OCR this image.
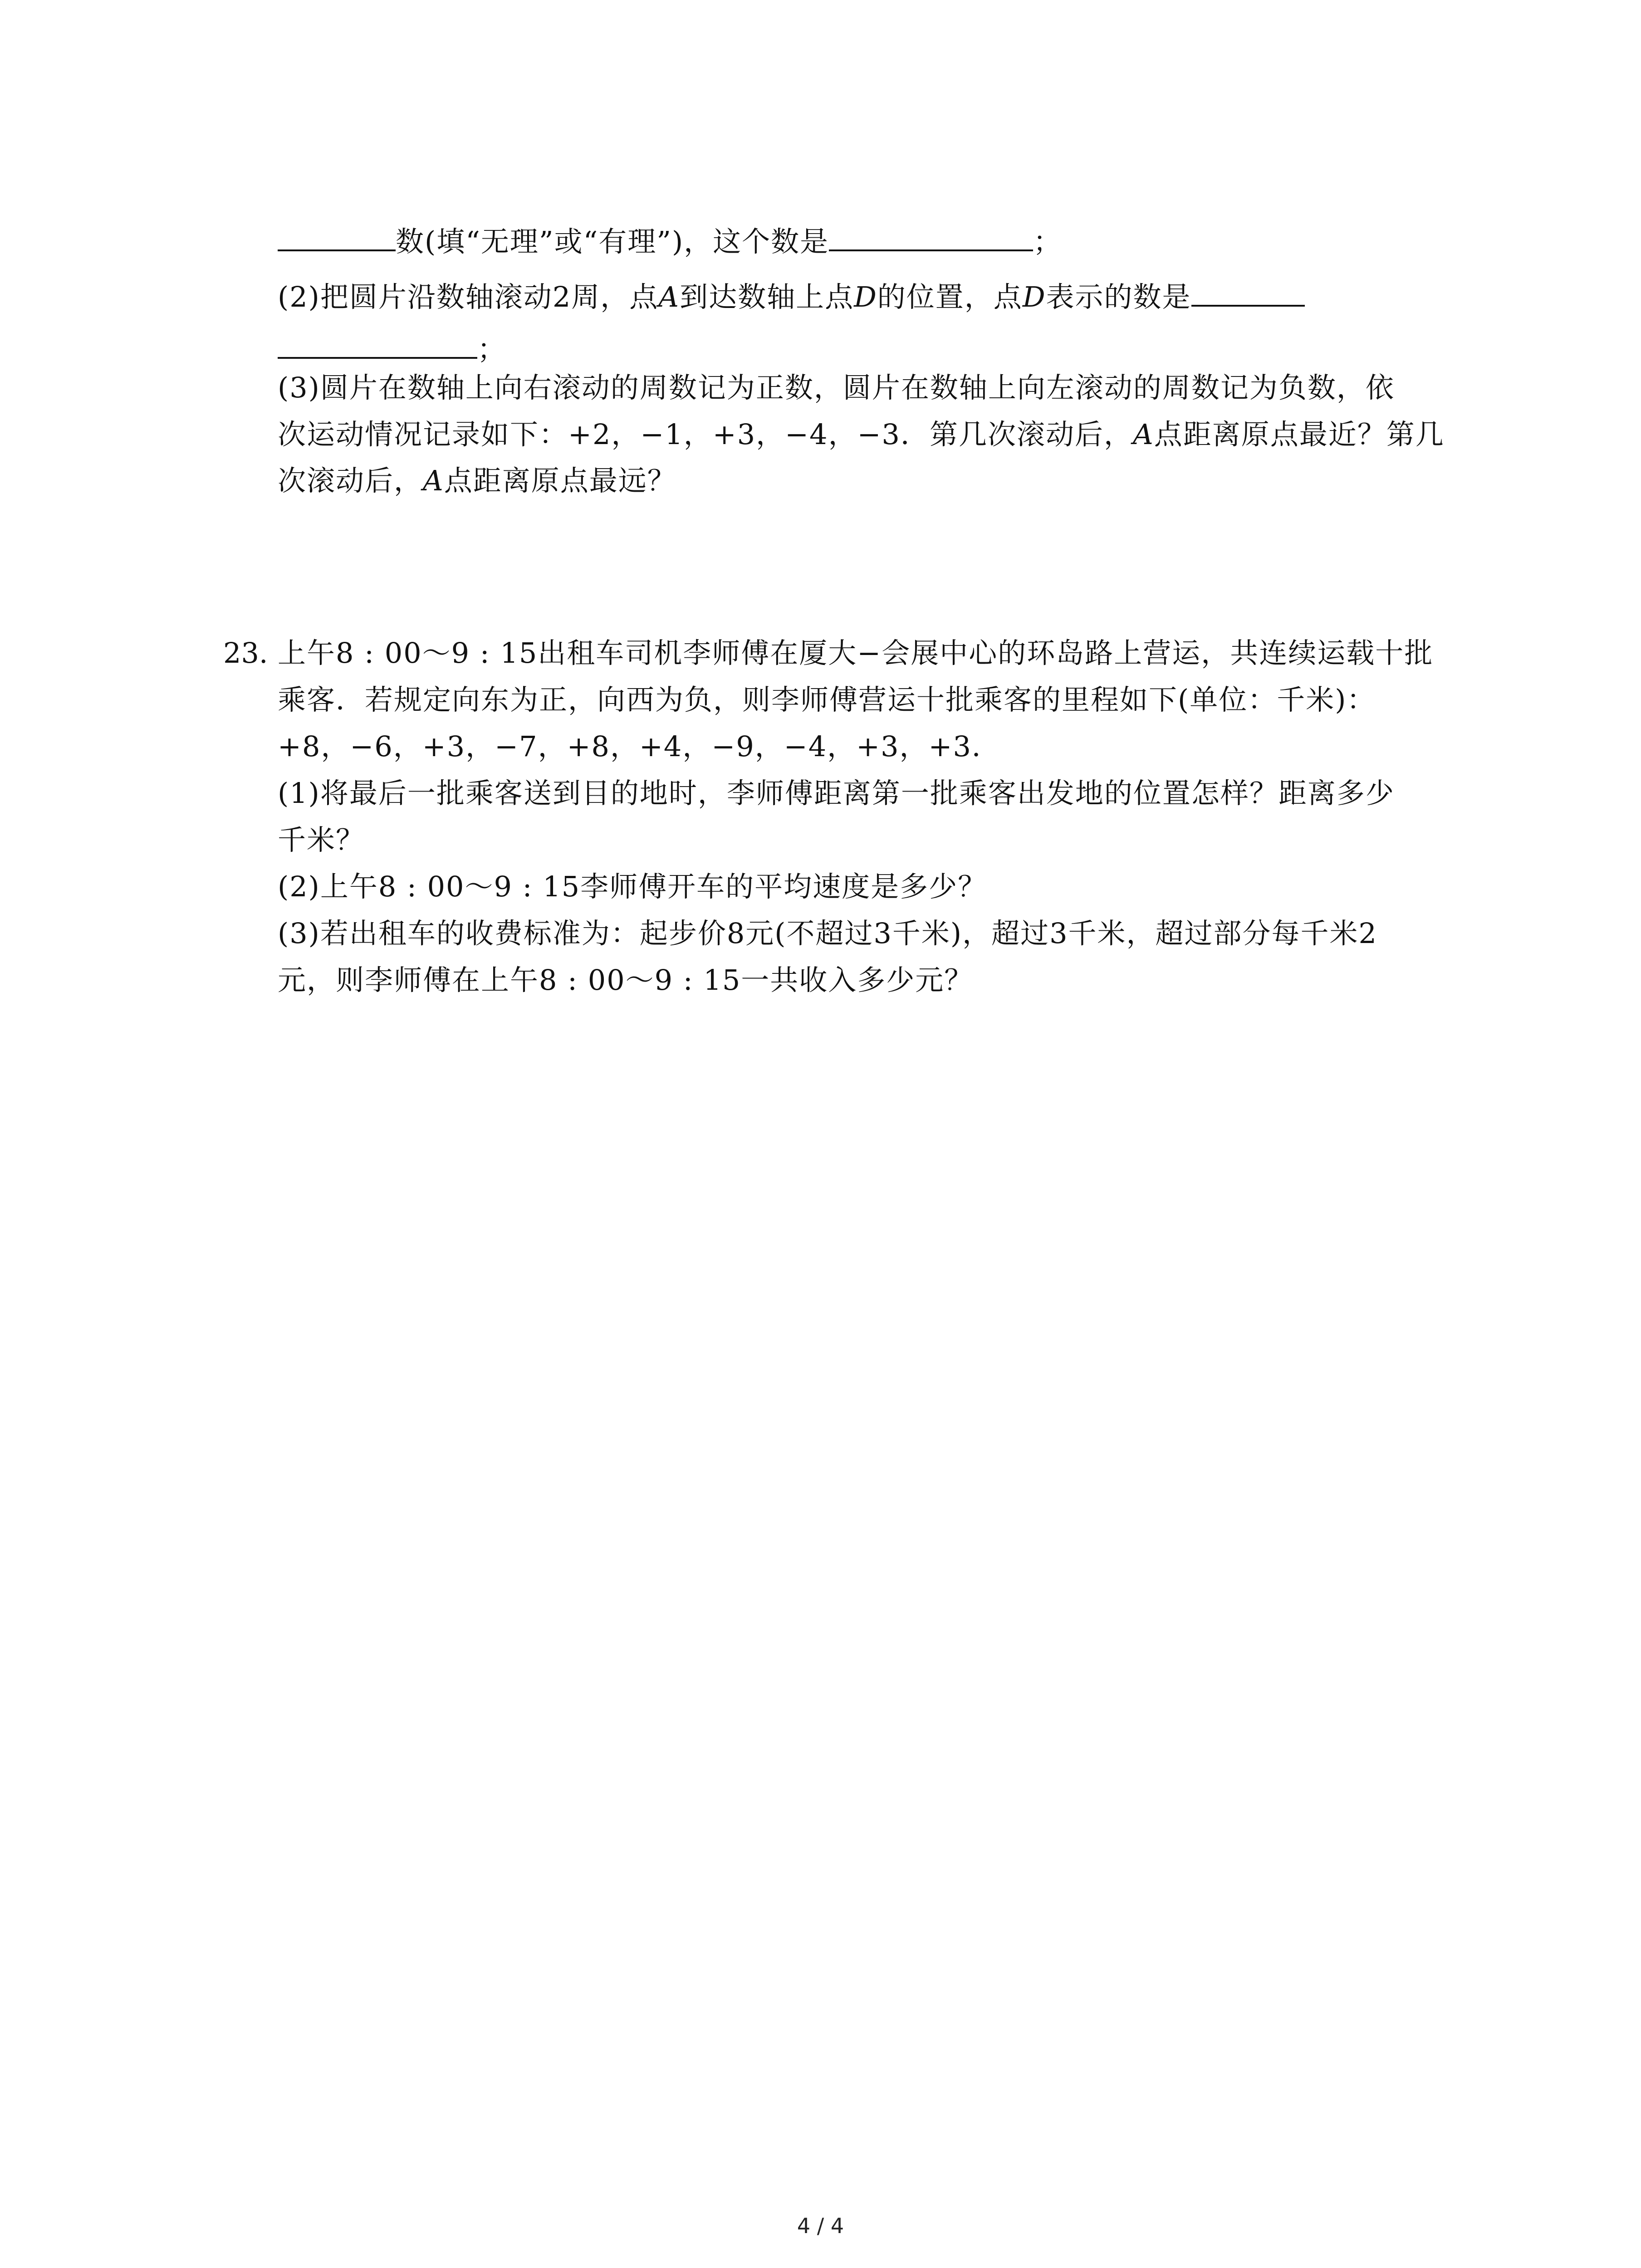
数(填“无理”或“有理”)，这个数是	；
(2)把圆片沿数轴滚动2周，点A到达数轴上点D的位置，点D表示的数是
；
(3)圆片在数轴上向右滚动的周数记为正数，圆片在数轴上向左滚动的周数记为负数，依
次运动情况记录如下：+2，−1，+3，−4，−3．第几次滚动后，A点距离原点最近？第几
次滚动后，A点距离原点最远？
23. 上午8 : 00～9 : 15出租车司机李师傅在厦大−会展中心的环岛路上营运，共连续运载十批
乘客．若规定向东为正，向西为负，则李师傅营运十批乘客的里程如下(单位：千米)：
+8，−6，+3，−7，+8，+4，−9，−4，+3，+3．
(1)将最后一批乘客送到目的地时，李师傅距离第一批乘客出发地的位置怎样？距离多少
千米？
(2)上午8 : 00～9 : 15李师傅开车的平均速度是多少？
(3)若出租车的收费标准为：起步价8元(不超过3千米)，超过3千米，超过部分每千米2
元，则李师傅在上午8 : 00～9 : 15一共收入多少元？
4 / 4
